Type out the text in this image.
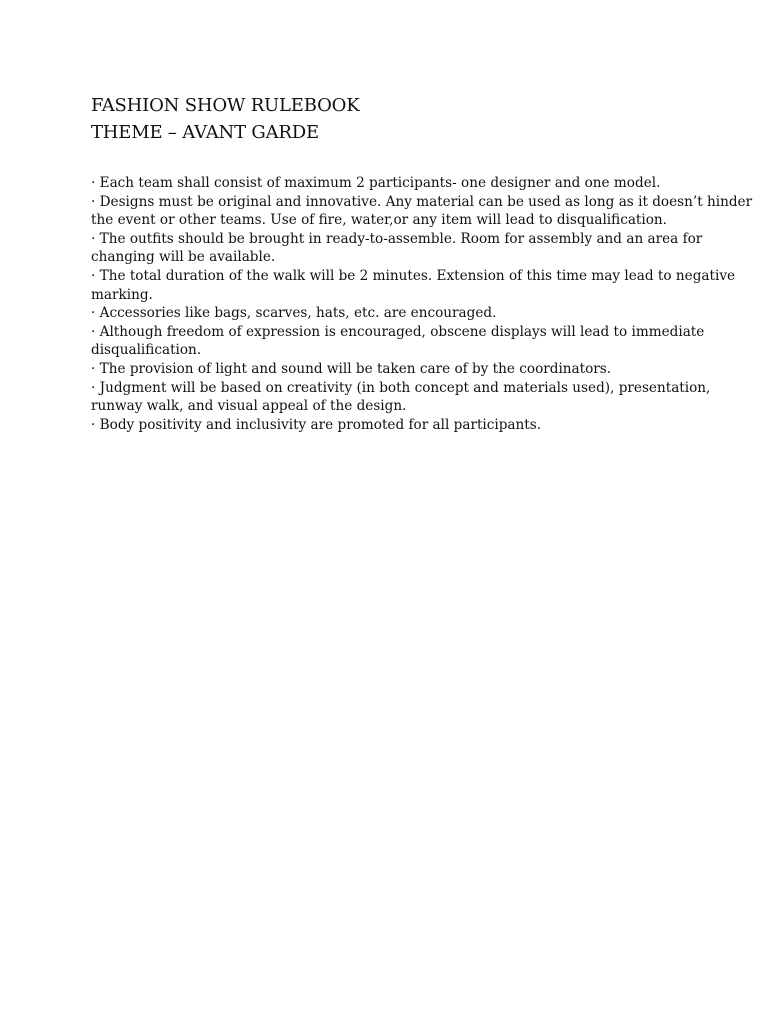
FASHION SHOW RULEBOOK
THEME – AVANT GARDE
· Each team shall consist of maximum 2 participants- one designer and one model.
· Designs must be original and innovative. Any material can be used as long as it doesn’t hinder
the event or other teams. Use of fire, water,or any item will lead to disqualification.
· The outfits should be brought in ready-to-assemble. Room for assembly and an area for
changing will be available.
· The total duration of the walk will be 2 minutes. Extension of this time may lead to negative
marking.
· Accessories like bags, scarves, hats, etc. are encouraged.
· Although freedom of expression is encouraged, obscene displays will lead to immediate
disqualification.
· The provision of light and sound will be taken care of by the coordinators.
· Judgment will be based on creativity (in both concept and materials used), presentation,
runway walk, and visual appeal of the design.
· Body positivity and inclusivity are promoted for all participants.
